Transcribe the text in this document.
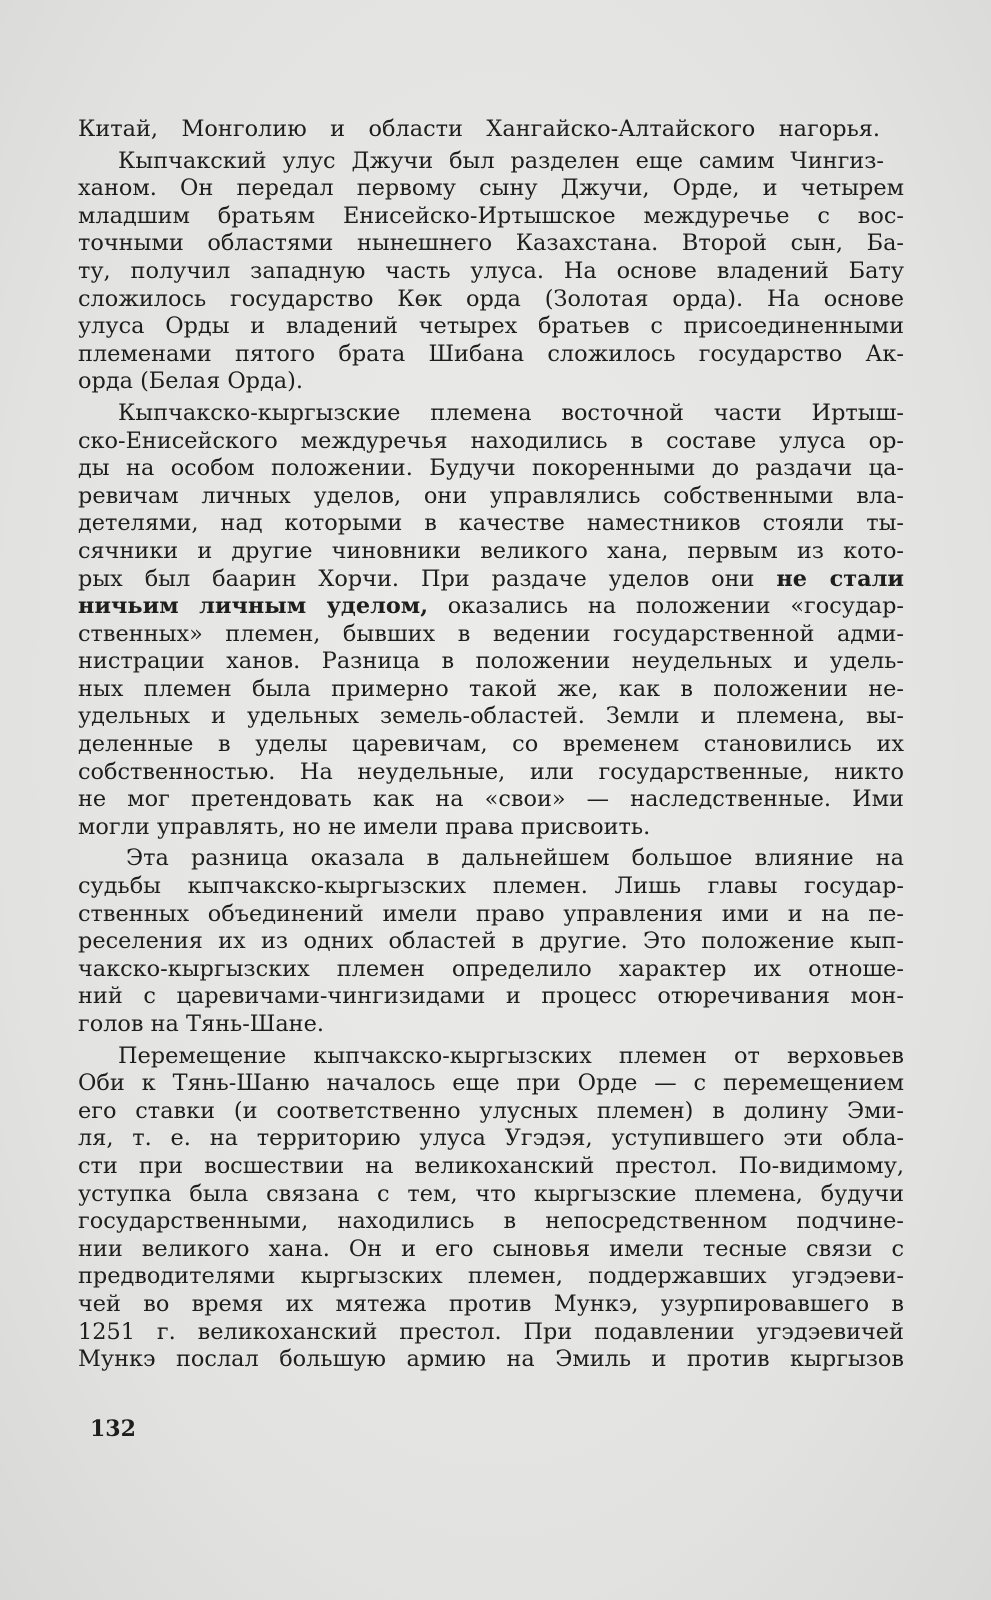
Китай, Монголию и области Хангайско-Алтайского нагорья.
Кыпчакский улус Джучи был разделен еще самим Чингиз-
ханом. Он передал первому сыну Джучи, Орде, и четырем
младшим братьям Енисейско-Иртышское междуречье с вос-
точными областями нынешнего Казахстана. Второй сын, Ба-
ту, получил западную часть улуса. На основе владений Бату
сложилось государство Көк орда (Золотая орда). На основе
улуса Орды и владений четырех братьев с присоединенными
племенами пятого брата Шибана сложилось государство Ак-
орда (Белая Орда).
Кыпчакско-кыргызские племена восточной части Иртыш-
ско-Енисейского междуречья находились в составе улуса ор-
ды на особом положении. Будучи покоренными до раздачи ца-
ревичам личных уделов, они управлялись собственными вла-
детелями, над которыми в качестве наместников стояли ты-
сячники и другие чиновники великого хана, первым из кото-
рых был баарин Хорчи. При раздаче уделов они не стали
ничьим личным уделом, оказались на положении «государ-
ственных» племен, бывших в ведении государственной адми-
нистрации ханов. Разница в положении неудельных и удель-
ных племен была примерно такой же, как в положении не-
удельных и удельных земель-областей. Земли и племена, вы-
деленные в уделы царевичам, со временем становились их
собственностью. На неудельные, или государственные, никто
не мог претендовать как на «свои» — наследственные. Ими
могли управлять, но не имели права присвоить.
Эта разница оказала в дальнейшем большое влияние на
судьбы кыпчакско-кыргызских племен. Лишь главы государ-
ственных объединений имели право управления ими и на пе-
реселения их из одних областей в другие. Это положение кып-
чакско-кыргызских племен определило характер их отноше-
ний с царевичами-чингизидами и процесс отюречивания мон-
голов на Тянь-Шане.
Перемещение кыпчакско-кыргызских племен от верховьев
Оби к Тянь-Шаню началось еще при Орде — с перемещением
его ставки (и соответственно улусных племен) в долину Эми-
ля, т. е. на территорию улуса Угэдэя, уступившего эти обла-
сти при восшествии на великоханский престол. По-видимому,
уступка была связана с тем, что кыргызские племена, будучи
государственными, находились в непосредственном подчине-
нии великого хана. Он и его сыновья имели тесные связи с
предводителями кыргызских племен, поддержавших угэдэеви-
чей во время их мятежа против Мункэ, узурпировавшего в
1251 г. великоханский престол. При подавлении угэдэевичей
Мункэ послал большую армию на Эмиль и против кыргызов
132
